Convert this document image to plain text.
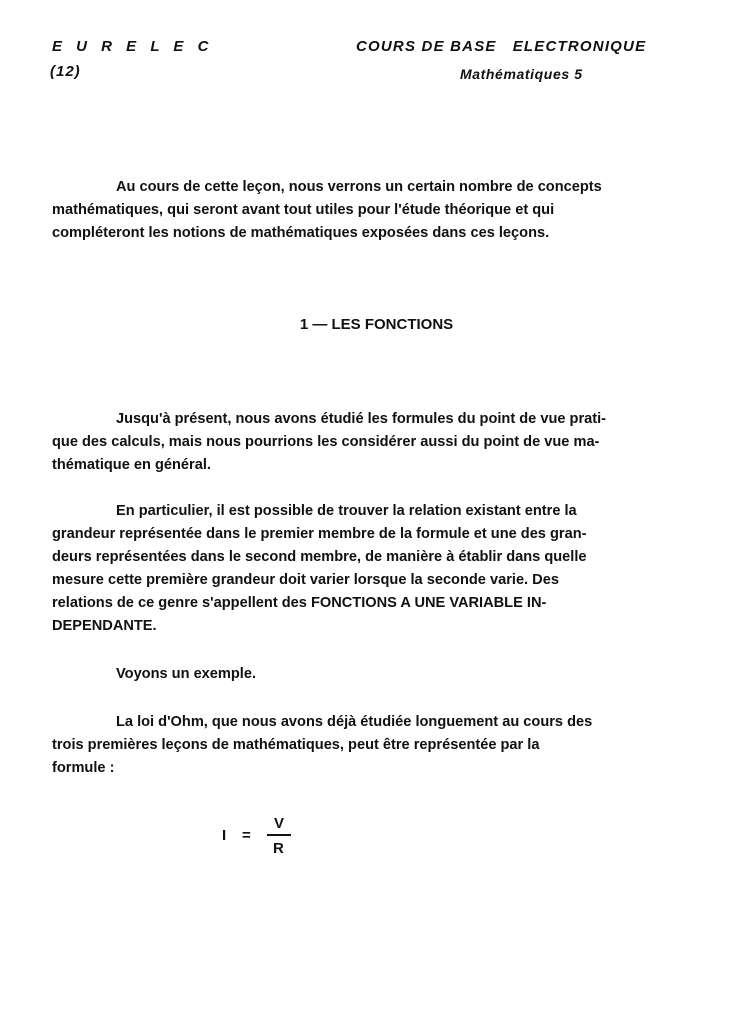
E U R E L E C
(12)
COURS DE BASE   ELECTRONIQUE
Mathématiques 5

Au cours de cette leçon, nous verrons un certain nombre de concepts
mathématiques, qui seront avant tout utiles pour l'étude théorique et qui
compléteront les notions de mathématiques exposées dans ces leçons.

1 — LES FONCTIONS

Jusqu'à présent, nous avons étudié les formules du point de vue prati-
que des calculs, mais nous pourrions les considérer aussi du point de vue ma-
thématique en général.

En particulier, il est possible de trouver la relation existant entre la
grandeur représentée dans le premier membre de la formule et une des gran-
deurs représentées dans le second membre, de manière à établir dans quelle
mesure cette première grandeur doit varier lorsque la seconde varie. Des
relations de ce genre s'appellent des FONCTIONS A UNE VARIABLE IN-
DEPENDANTE.

Voyons un exemple.

La loi d'Ohm, que nous avons déjà étudiée longuement au cours des
trois premières leçons de mathématiques, peut être représentée par la
formule :

I =
V
R
